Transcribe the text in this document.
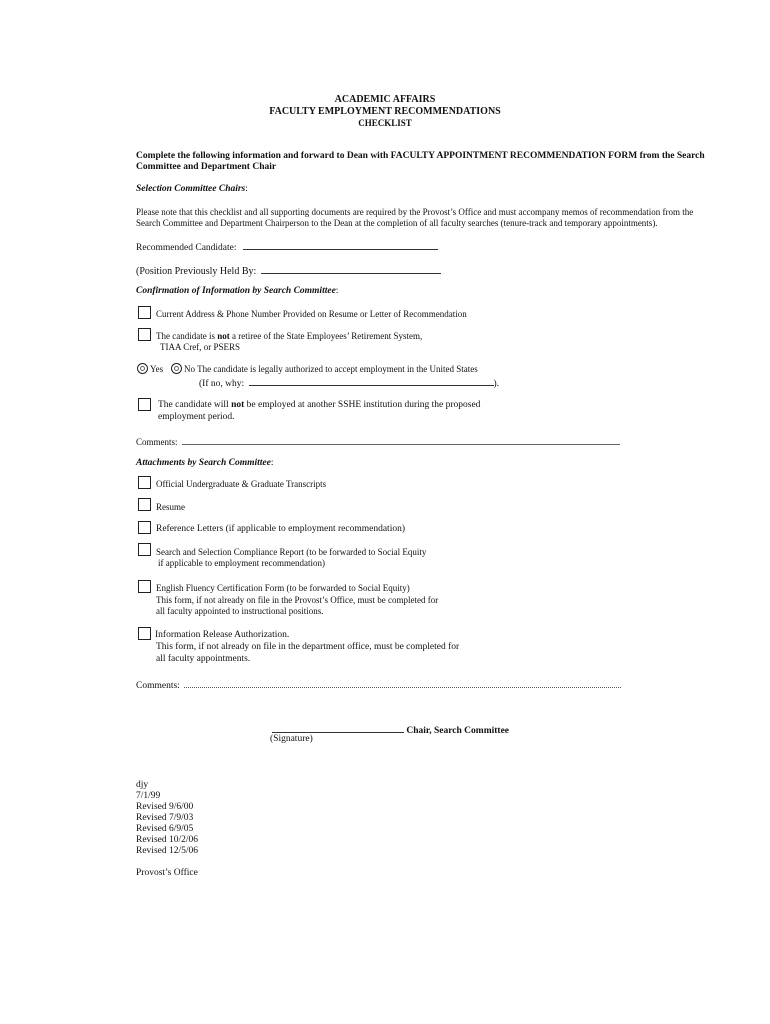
ACADEMIC AFFAIRS
FACULTY EMPLOYMENT RECOMMENDATIONS
CHECKLIST
Complete the following information and forward to Dean with FACULTY APPOINTMENT RECOMMENDATION FORM from the Search
Committee and Department Chair
Selection Committee Chairs:
Please note that this checklist and all supporting documents are required by the Provost’s Office and must accompany memos of recommendation from the
Search Committee and Department Chairperson to the Dean at the completion of all faculty searches (tenure-track and temporary appointments).
Recommended Candidate:
(Position Previously Held By:
Confirmation of Information by Search Committee:
Current Address & Phone Number Provided on Resume or Letter of Recommendation
The candidate is not a retiree of the State Employees’ Retirement System,
TIAA Cref, or PSERS
Yes No The candidate is legally authorized to accept employment in the United States
(If no, why:	).
The candidate will not be employed at another SSHE institution during the proposed
employment period.
Comments:
Attachments by Search Committee:
Official Undergraduate & Graduate Transcripts
Resume
Reference Letters (if applicable to employment recommendation)
Search and Selection Compliance Report (to be forwarded to Social Equity
if applicable to employment recommendation)
English Fluency Certification Form (to be forwarded to Social Equity)
This form, if not already on file in the Provost’s Office, must be completed for
all faculty appointed to instructional positions.
Information Release Authorization.
This form, if not already on file in the department office, must be completed for
all faculty appointments.
Comments:
Chair, Search Committee
(Signature)
djy
7/1/99
Revised 9/6/00
Revised 7/9/03
Revised 6/9/05
Revised 10/2/06
Revised 12/5/06
Provost’s Office
